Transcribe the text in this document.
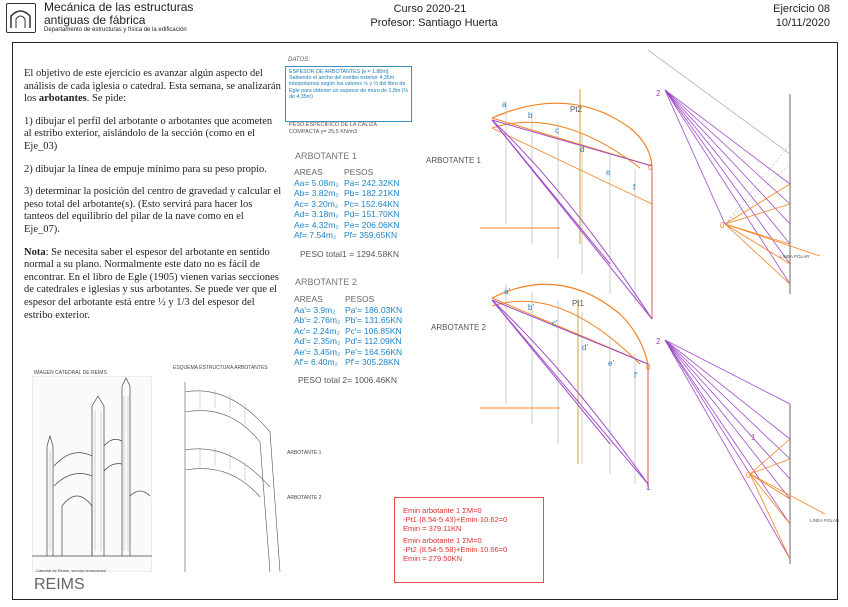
Mecánica de las estructuras
antiguas de fábrica
Departamento de estructuras y física de la edificación
Curso 2020-21
Profesor: Santiago Huerta
Ejercicio 08
10/11/2020

El objetivo de este ejercicio es avanzar algún aspecto del análisis de cada iglesia o catedral. Esta semana, se analizarán los arbotantes. Se pide:

1) dibujar el perfil del arbotante o arbotantes que acometen al estribo exterior, aislándolo de la sección (como en el Eje_03)

2) dibujar la línea de empuje mínimo para su peso propio.

3) determinar la posición del centro de gravedad y calcular el peso total del arbotante(s). (Esto servirá para hacer los tanteos del equilibrio del pilar de la nave como en el Eje_07).

Nota: Se necesita saber el espesor del arbotante en sentido normal a su plano. Normalmente este dato no es fácil de encontrar. En el libro de Egle (1905) vienen varias secciones de catedrales e iglesias y sus arbotantes. Se puede ver que el espesor del arbotante está entre ½ y 1/3 del espesor del estribo exterior.

DATOS:
ESPESOR DE ARBOTANTES [e = 1.80m]
Sabiendo el ancho del estribo exterior 4,35m interpolamos según los valores ½ y ⅓ del libro de Egle para obtener un espesor de muro de 1,8m (⅔ de 4,35m)
PESO ESPECIFICO DE LA CALIZA
COMPACTA γ= 25,5 KN/m3
ARBOTANTE 1
AREAS
Aa= 5.08m₂
Ab= 3.82m₂
Ac= 3.20m₂
Ad= 3.18m₂
Ae= 4.32m₂
Af= 7.54m₂
PESOS
Pa= 242.32KN
Pb= 182.21KN
Pc= 152.64KN
Pd= 151.70KN
Pe= 206.06KN
Pf= 359.65KN
PESO total1 = 1294.58KN
ARBOTANTE 2
AREAS
Aa'= 3.9m₂
Ab'= 2.76m₂
Ac'= 2.24m₂
Ad'= 2.35m₂
Ae'= 3.45m₂
Af'= 6.40m₂
PESOS
Pa'= 186.03KN
Pb'= 131.65KN
Pc'= 106.85KN
Pd'= 112.09KN
Pe'= 164.56KN
Pf'= 305.28KN
PESO total 2= 1006.46KN
Emin arbotante 1 ΣM=0
-Pt1·(8.54-5.43)+Emin·10.62=0
Emin = 379.11KN
Emin arbotante 1 ΣM=0
-Pt2·(8.54-5.58)+Emin·10.66=0
Emin = 279.50KN
IMAGEN CATEDRAL DE REIMS
Catedral de Reims, sección transversal
REIMS
ESQUEMA ESTRUCTURA ARBOTANTES
ARBOTANTE 1
ARBOTANTE 2
ARBOTANTE 1
ARBOTANTE 2
a
b
c
d
e
f
Pt2
0
a'
b'
c'
d'
e'
f'
Pt1
0
1
2
0
LÍNEA POLAR
2
0
1
LÍNEA POLAR
